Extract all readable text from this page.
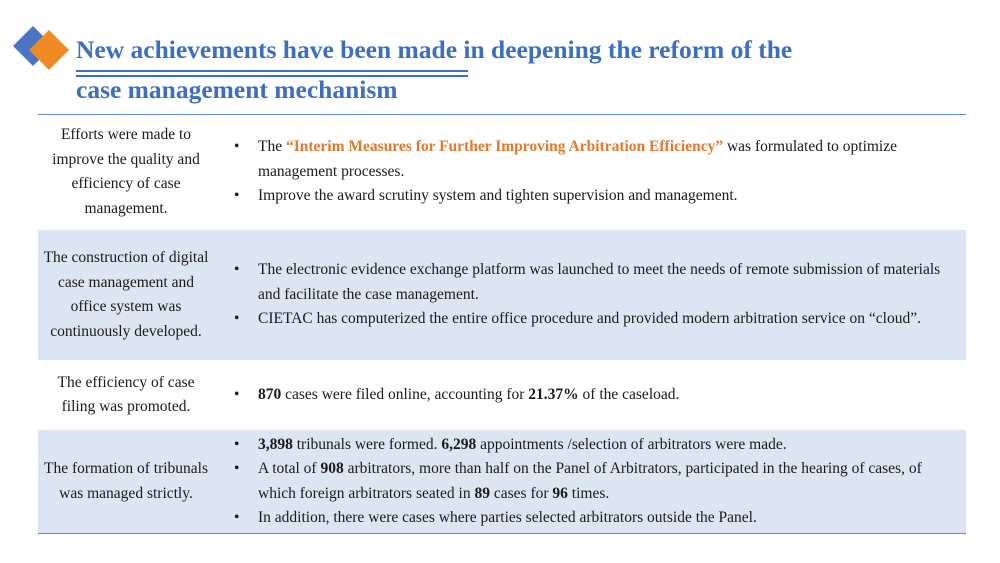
New achievements have been made in deepening the reform of the
case management mechanism
Efforts were made to improve the quality and efficiency of case management.
• The “Interim Measures for Further Improving Arbitration Efficiency” was formulated to optimize management processes.
• Improve the award scrutiny system and tighten supervision and management.
The construction of digital case management and office system was continuously developed.
• The electronic evidence exchange platform was launched to meet the needs of remote submission of materials and facilitate the case management.
• CIETAC has computerized the entire office procedure and provided modern arbitration service on “cloud”.
The efficiency of case filing was promoted.
• 870 cases were filed online, accounting for 21.37% of the caseload.
The formation of tribunals was managed strictly.
• 3,898 tribunals were formed. 6,298 appointments /selection of arbitrators were made.
• A total of 908 arbitrators, more than half on the Panel of Arbitrators, participated in the hearing of cases, of which foreign arbitrators seated in 89 cases for 96 times.
• In addition, there were cases where parties selected arbitrators outside the Panel.
